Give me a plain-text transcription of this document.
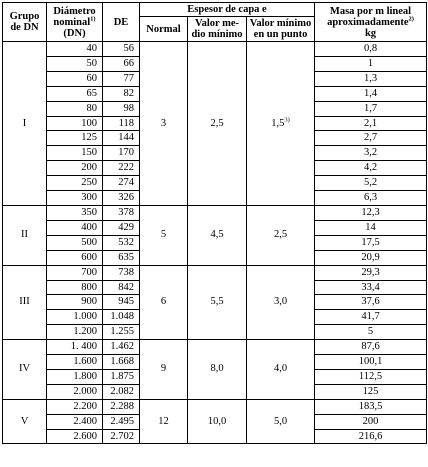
Grupo de DN	Diámetro nominal$^{1)}$
(DN)	DE	Espesor de capa e			Masa por m lineal aproximadamente$^{2)}$
kg
			Normal	Valor me-dio mínimo	Valor mínimo en un punto	
I	40	56	3	2,5	1,5$^{3)}$	0,8
	50	66				1
	60	77				1,3
	65	82				1,4
	80	98				1,7
	100	118				2,1
	125	144				2,7
	150	170				3,2
	200	222				4,2
	250	274				5,2
	300	326				6,3
II	350	378	5	4,5	2,5	12,3
	400	429				14
	500	532				17,5
	600	635				20,9
III	700	738	6	5,5	3,0	29,3
	800	842				33,4
	900	945				37,6
	1.000	1.048				41,7
	1.200	1.255				5
IV	1. 400	1.462	9	8,0	4,0	87,6
	1.600	1.668				100,1
	1.800	1.875				112,5
	2.000	2.082				125
V	2.200	2.288	12	10,0	5,0	183,5
	2.400	2.495				200
	2.600	2.702				216,6
